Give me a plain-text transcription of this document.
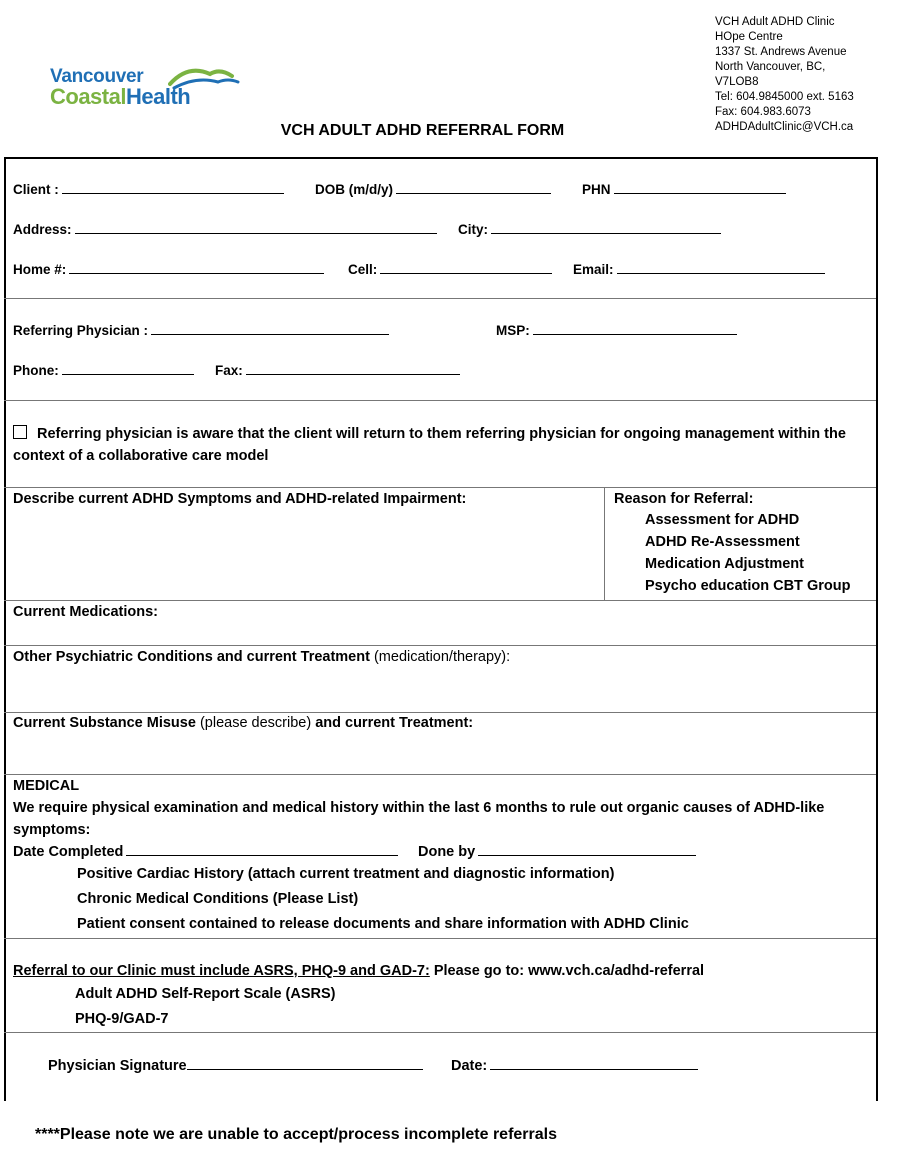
Vancouver
CoastalHealth
VCH Adult ADHD Clinic
HOpe Centre
1337 St. Andrews Avenue
North Vancouver, BC,
V7LOB8
Tel: 604.9845000 ext. 5163
Fax: 604.983.6073
ADHDAdultClinic@VCH.ca
VCH ADULT ADHD REFERRAL FORM
Client :	DOB (m/d/y)	PHN
Address:	City:
Home #:	Cell:	Email:
Referring Physician :	MSP:
Phone:	Fax:
Referring physician is aware that the client will return to them referring physician for ongoing management within the context of a collaborative care model
Describe current ADHD Symptoms and ADHD-related Impairment:	Reason for Referral:
Assessment for ADHD
ADHD Re-Assessment
Medication Adjustment
Psycho education CBT Group
Current Medications:
Other Psychiatric Conditions and current Treatment (medication/therapy):
Current Substance Misuse (please describe) and current Treatment:
MEDICAL
We require physical examination and medical history within the last 6 months to rule out organic causes of ADHD-like symptoms:
Date Completed	Done by
Positive Cardiac History (attach current treatment and diagnostic information)
Chronic Medical Conditions (Please List)
Patient consent contained to release documents and share information with ADHD Clinic
Referral to our Clinic must include ASRS, PHQ-9 and GAD-7: Please go to: www.vch.ca/adhd-referral
Adult ADHD Self-Report Scale (ASRS)
PHQ-9/GAD-7
Physician Signature	Date:
****Please note we are unable to accept/process incomplete referrals
